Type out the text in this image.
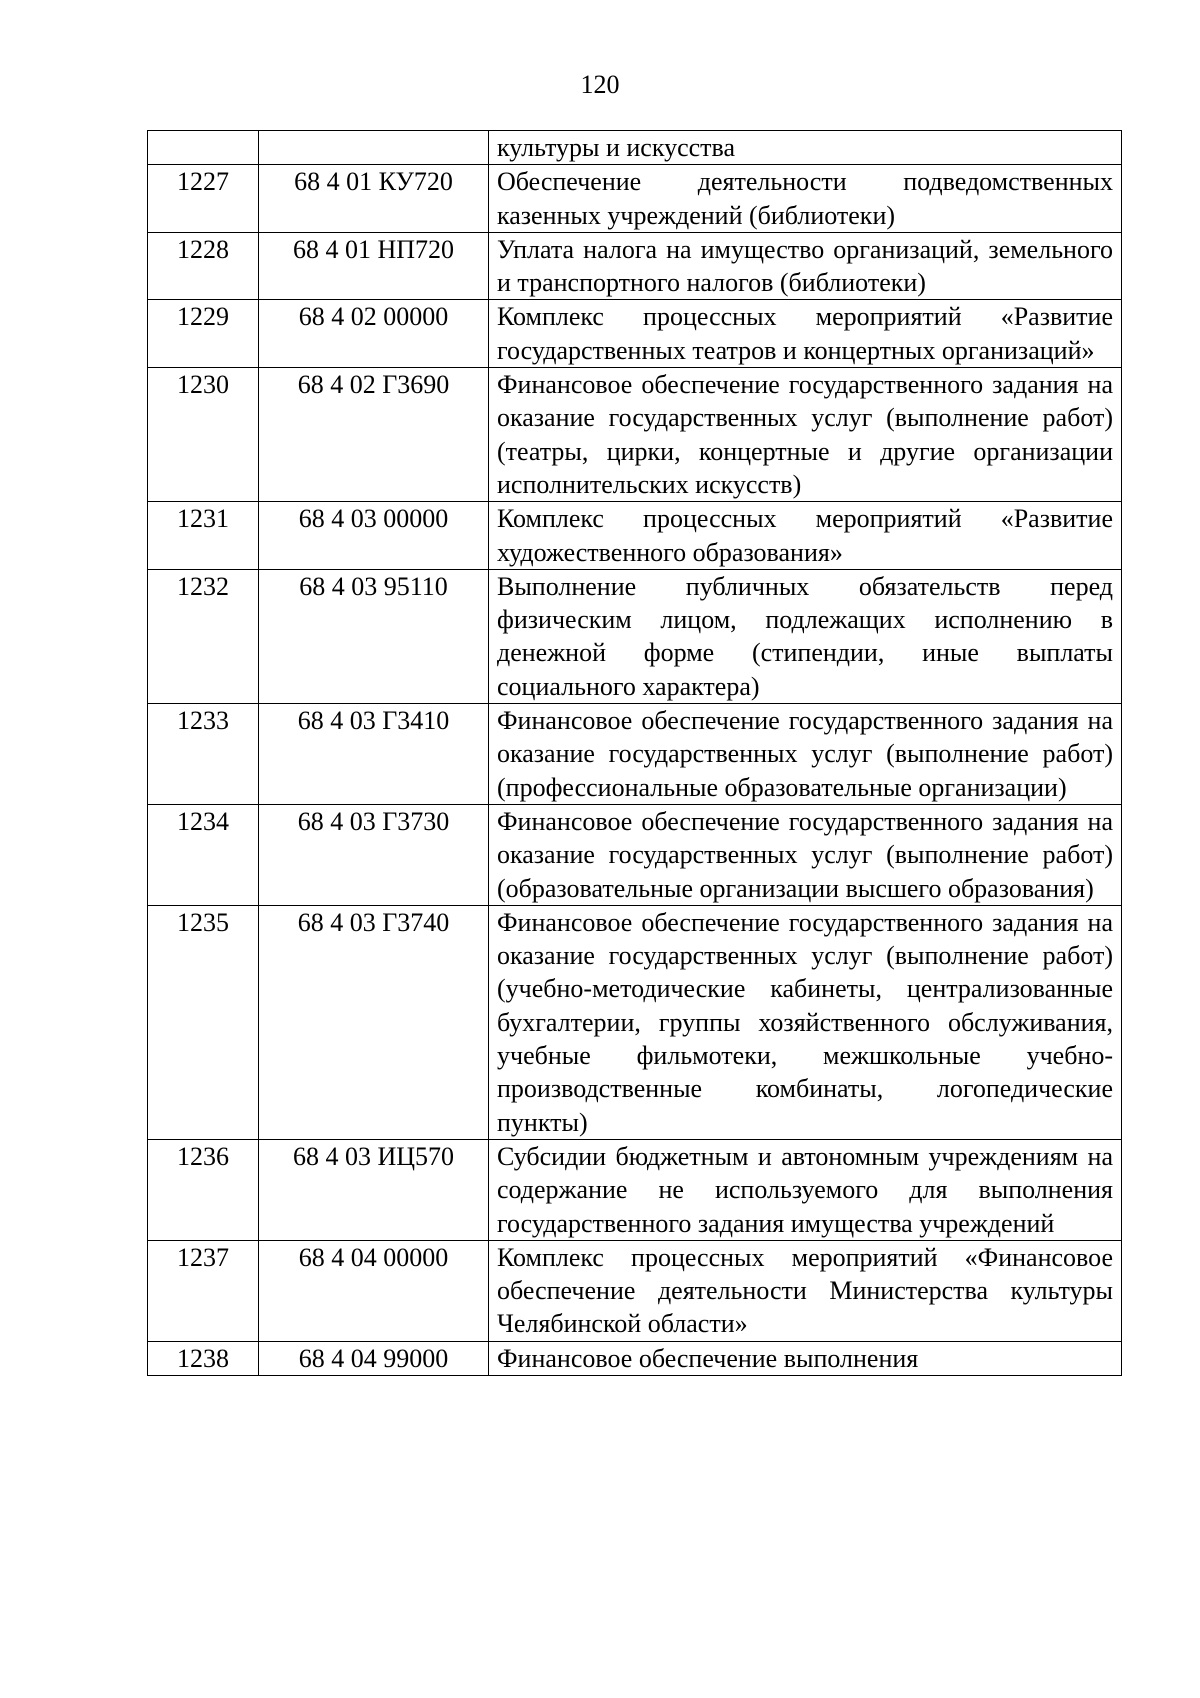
120
		культуры и искусства
1227	68 4 01 КУ720	Обеспечение деятельности подведомственных казенных учреждений (библиотеки)
1228	68 4 01 НП720	Уплата налога на имущество организаций, земельного и транспортного налогов (библиотеки)
1229	68 4 02 00000	Комплекс процессных мероприятий «Развитие государственных театров и концертных организаций»
1230	68 4 02 Г3690	Финансовое обеспечение государственного задания на оказание государственных услуг (выполнение работ) (театры, цирки, концертные и другие организации исполнительских искусств)
1231	68 4 03 00000	Комплекс процессных мероприятий «Развитие художественного образования»
1232	68 4 03 95110	Выполнение публичных обязательств перед физическим лицом, подлежащих исполнению в денежной форме (стипендии, иные выплаты социального характера)
1233	68 4 03 Г3410	Финансовое обеспечение государственного задания на оказание государственных услуг (выполнение работ) (профессиональные образовательные организации)
1234	68 4 03 Г3730	Финансовое обеспечение государственного задания на оказание государственных услуг (выполнение работ) (образовательные организации высшего образования)
1235	68 4 03 Г3740	Финансовое обеспечение государственного задания на оказание государственных услуг (выполнение работ) (учебно-методические кабинеты, централизованные бухгалтерии, группы хозяйственного обслуживания, учебные фильмотеки, межшкольные учебно-производственные комбинаты, логопедические пункты)
1236	68 4 03 ИЦ570	Субсидии бюджетным и автономным учреждениям на содержание не используемого для выполнения государственного задания имущества учреждений
1237	68 4 04 00000	Комплекс процессных мероприятий «Финансовое обеспечение деятельности Министерства культуры Челябинской области»
1238	68 4 04 99000	Финансовое обеспечение выполнения
